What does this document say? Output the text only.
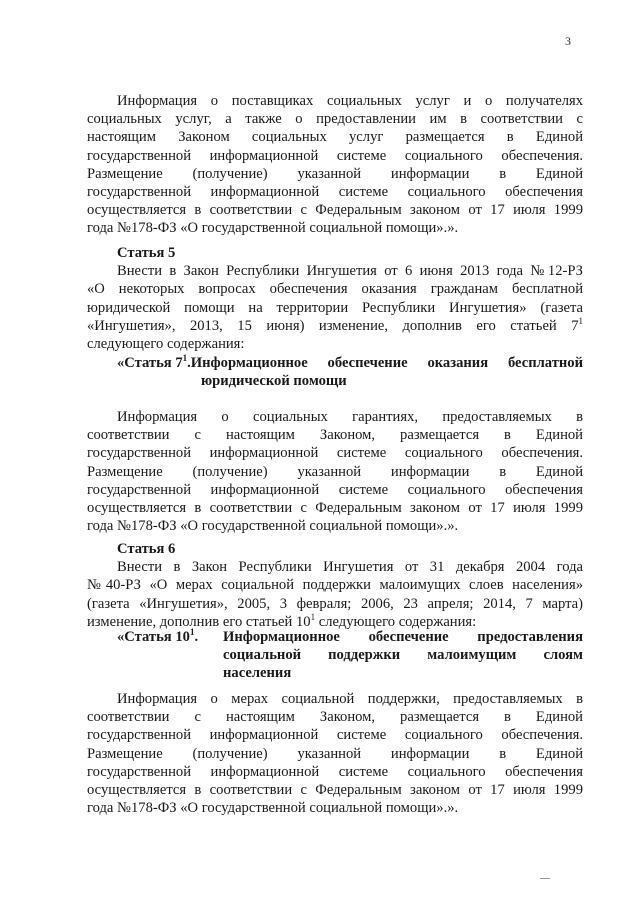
3

Информация о поставщиках социальных услуг и о получателях

социальных услуг, а также о предоставлении им в соответствии с

настоящим Законом социальных услуг размещается в Единой

государственной информационной системе социального обеспечения.

Размещение (получение) указанной информации в Единой

государственной информационной системе социального обеспечения

осуществляется в соответствии с Федеральным законом от 17 июля 1999

года №178-ФЗ «О государственной социальной помощи».».

Статья 5

Внести в Закон Республики Ингушетия от 6 июня 2013 года №12-РЗ

«О некоторых вопросах обеспечения оказания гражданам бесплатной

юридической помощи на территории Республики Ингушетия» (газета

«Ингушетия», 2013, 15 июня) изменение, дополнив его статьей $7^1$

следующего содержания:

«Статья $7^1$. Информационное обеспечение оказания бесплатной

юридической помощи

Информация о социальных гарантиях, предоставляемых в

соответствии с настоящим Законом, размещается в Единой

государственной информационной системе социального обеспечения.

Размещение (получение) указанной информации в Единой

государственной информационной системе социального обеспечения

осуществляется в соответствии с Федеральным законом от 17 июля 1999

года №178-ФЗ «О государственной социальной помощи».».

Статья 6

Внести в Закон Республики Ингушетия от 31 декабря 2004 года

№40-РЗ «О мерах социальной поддержки малоимущих слоев населения»

(газета «Ингушетия», 2005, 3 февраля; 2006, 23 апреля; 2014, 7 марта)

изменение, дополнив его статьей $10^1$ следующего содержания:

«Статья $10^1$.	Информационное обеспечение предоставления

социальной поддержки малоимущим слоям

населения

Информация о мерах социальной поддержки, предоставляемых в

соответствии с настоящим Законом, размещается в Единой

государственной информационной системе социального обеспечения.

Размещение (получение) указанной информации в Единой

государственной информационной системе социального обеспечения

осуществляется в соответствии с Федеральным законом от 17 июля 1999

года №178-ФЗ «О государственной социальной помощи».».
